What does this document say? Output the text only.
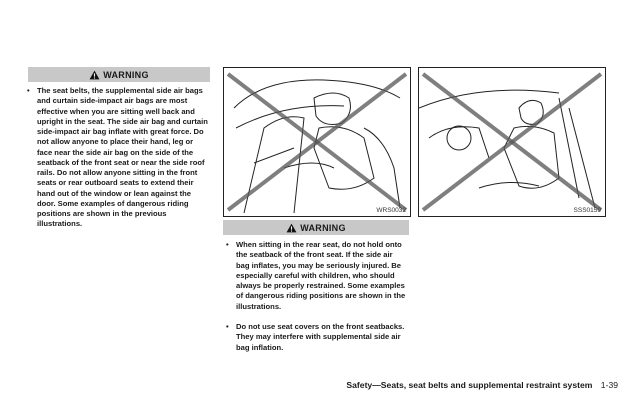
WARNING
• The seat belts, the supplemental side air bags and curtain side-impact air bags are most effective when you are sitting well back and upright in the seat. The side air bag and curtain side-impact air bag inflate with great force. Do not allow anyone to place their hand, leg or face near the side air bag on the side of the seatback of the front seat or near the side roof rails. Do not allow anyone sitting in the front seats or rear outboard seats to extend their hand out of the window or lean against the door. Some examples of dangerous riding positions are shown in the previous illustrations.
WRS0032	SSS0159
WARNING
• When sitting in the rear seat, do not hold onto the seatback of the front seat. If the side air bag inflates, you may be seriously injured. Be especially careful with children, who should always be properly restrained. Some examples of dangerous riding positions are shown in the illustrations.
• Do not use seat covers on the front seatbacks. They may interfere with supplemental side air bag inflation.
Safety—Seats, seat belts and supplemental restraint system 1-39
